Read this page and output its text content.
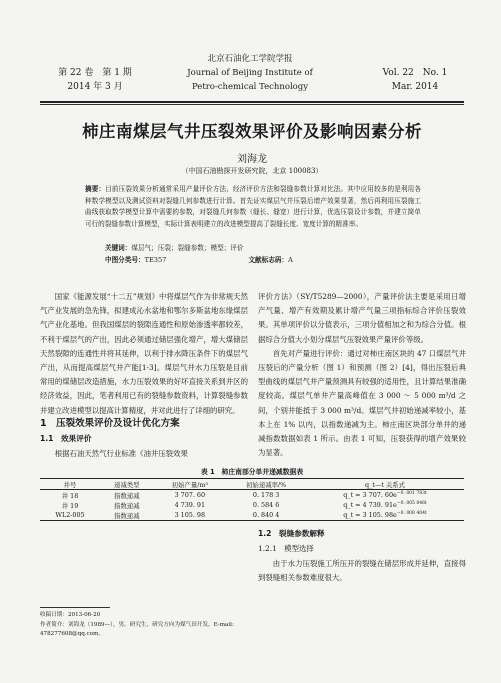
第 22 卷　第 1 期
2014 年 3 月
北京石油化工学院学报
Journal of Beijing Institute of
Petro-chemical Technology
Vol. 22　No. 1
Mar. 2014
柿庄南煤层气井压裂效果评价及影响因素分析
刘海龙
（中国石油勘探开发研究院，北京 100083）
摘要：目前压裂效果分析通常采用产量评价方法、经济评价方法和裂缝参数计算对比法。其中应用较多的是利用各种数学模型以及测试资料对裂缝几何参数进行计算。首先证实煤层气井压裂后增产效果显著，然后再利用压裂施工曲线获取数学模型计算中需要的参数，对裂缝几何参数（缝长、缝宽）进行计算，优选压裂设计参数，并建立简单可行的裂缝参数计算模型，实际计算表明建立的改进模型提高了裂缝长度、宽度计算的精准率。
关键词：煤层气；压裂；裂缝参数；模型；评价
中图分类号：TE357	文献标志码：A

国家《能源发展“十二五”规划》中将煤层气作为非常规天然气产业发展的急先锋，拟建成沁水盆地和鄂尔多斯盆地东缘煤层气产业化基地。但我国煤层的裂隙连通性和原始渗透率都较差，不利于煤层气的产出，因此必须通过储层强化增产，增大煤储层天然裂隙的连通性并将其延伸，以利于排水降压条件下的煤层气产出，从而提高煤层气井产能[1-3]。煤层气井水力压裂是目前常用的煤储层改造措施，水力压裂效果的好坏直接关系到井区的经济效益，因此，笔者利用已有的裂缝参数资料，计算裂缝参数并建立改进模型以提高计算精度，并对此进行了详细的研究。

1　压裂效果评价及设计优化方案
1.1　效果评价
根据石油天然气行业标准《油井压裂效果

评价方法》（SY/T5289—2000），产量评价法主要是采用日增产气量、增产有效期及累计增产气量三项指标综合评价压裂效果。其单项评价以分值表示，三项分值相加之和为综合分值。根据综合分值大小划分煤层气压裂效果产量评价等级。

首先对产量进行评价：通过对柿庄南区块的 47 口煤层气井压裂后的产量分析（图 1）和预测（图 2）[4]，得出压裂后典型曲线的煤层气井产量预测具有较强的适用性，且计算结果准确度较高。煤层气单井产量高峰值在 3 000 ～ 5 000 m³/d 之间，个别井能抵于 3 000 m³/d。煤层气井初始递减率较小，基本上在 1% 以内，以指数递减为主。柿庄南区块部分单井的递减指数数据如表 1 所示。由表 1 可知，压裂获得的增产效果较为显著。

表 1　柿庄南部分单井递减数据表
井号	递减类型	初始产量/m³	初始递减率/%	q_t—t 关系式
井 18	指数递减	3 707. 60	0. 178 3	q_t = 3 707. $60e^{-0. 001 783t}$
井 19	指数递减	4 739. 91	0. 584 6	q_t = 4 739. $91e^{-0. 005 846t}$
WL2-005	指数递减	3 105. 98	0. 840 4	q_t = 3 105. $98e^{-0. 008 404t}$
收稿日期：2013-06-20
作者简介：刘海龙（1989—），男，研究生，研究方向为煤气田开发，E-mail: 478277608@qq.com。
1.2　裂缝参数解释
1.2.1　模型选择
由于水力压裂施工所压开的裂缝在储层形成并延伸，直接得到裂缝相关参数难度很大。
